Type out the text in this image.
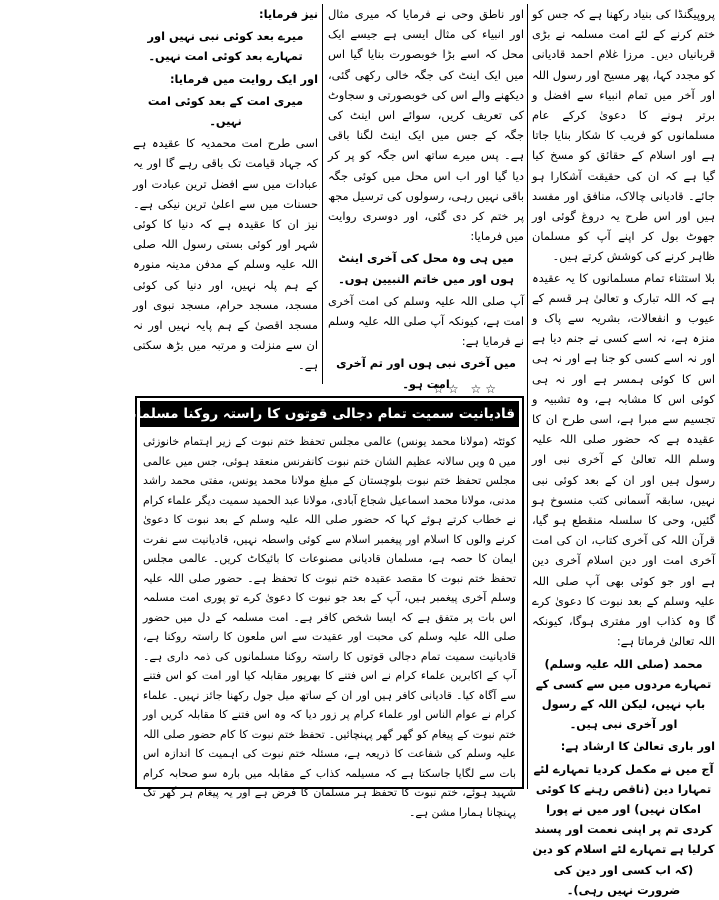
پروپیگنڈا کی بنیاد رکھنا ہے کہ جس کو ختم کرنے کے لئے امت مسلمہ نے بڑی قربانیاں دیں۔ مرزا غلام احمد قادیانی کو مجدد کہا، پھر مسیح اور رسول اللہ اور آخر میں تمام انبیاء سے افضل و برتر ہونے کا دعویٰ کرکے عام مسلمانوں کو فریب کا شکار بنایا جاتا ہے اور اسلام کے حقائق کو مسخ کیا گیا ہے کہ ان کی حقیقت آشکارا ہو جائے۔ قادیانی چالاک، منافق اور مفسد ہیں اور اس طرح یہ دروغ گوئی اور جھوٹ بول کر اپنے آپ کو مسلمان ظاہر کرنے کی کوشش کرتے ہیں۔

بلا استثناء تمام مسلمانوں کا یہ عقیدہ ہے کہ اللہ تبارک و تعالیٰ ہر قسم کے عیوب و انفعالات، بشریہ سے پاک و منزہ ہے، نہ اسے کسی نے جنم دیا ہے اور نہ اسے کسی کو جنا ہے اور نہ ہی اس کا کوئی ہمسر ہے اور نہ ہی کوئی اس کا مشابہ ہے، وہ تشبیہ و تجسیم سے مبرا ہے، اسی طرح ان کا عقیدہ ہے کہ حضور صلی اللہ علیہ وسلم اللہ تعالیٰ کے آخری نبی اور رسول ہیں اور ان کے بعد کوئی نبی نہیں، سابقہ آسمانی کتب منسوخ ہو گئیں، وحی کا سلسلہ منقطع ہو گیا، قرآن اللہ کی آخری کتاب، ان کی امت آخری امت اور دین اسلام آخری دین ہے اور جو کوئی بھی آپ صلی اللہ علیہ وسلم کے بعد نبوت کا دعویٰ کرے گا وہ کذاب اور مفتری ہوگا، کیونکہ اللہ تعالیٰ فرماتا ہے:

محمد (صلی اللہ علیہ وسلم) تمہارے مردوں میں سے کسی کے باپ نہیں، لیکن اللہ کے رسول اور آخری نبی ہیں۔

اور باری تعالیٰ کا ارشاد ہے:

آج میں نے مکمل کردیا تمہارے لئے تمہارا دین (ناقص رہنے کا کوئی امکان نہیں) اور میں نے پورا کردی تم پر اپنی نعمت اور پسند کرلیا ہے تمہارے لئے اسلام کو دین (کہ اب کسی اور دین کی ضرورت نہیں رہی)۔

اور ناطق وحی نے فرمایا کہ میری مثال اور انبیاء کی مثال ایسی ہے جیسے ایک محل کہ اسے بڑا خوبصورت بنایا گیا اس میں ایک اینٹ کی جگہ خالی رکھی گئی، دیکھنے والے اس کی خوبصورتی و سجاوٹ کی تعریف کریں، سوائے اس اینٹ کی جگہ کے جس میں ایک اینٹ لگنا باقی ہے۔ پس میرے ساتھ اس جگہ کو پر کر دیا گیا اور اب اس محل میں کوئی جگہ باقی نہیں رہی، رسولوں کی ترسیل مجھ پر ختم کر دی گئی، اور دوسری روایت میں فرمایا:

میں ہی وہ محل کی آخری اینٹ ہوں اور میں خاتم النبیین ہوں۔

آپ صلی اللہ علیہ وسلم کی امت آخری امت ہے، کیونکہ آپ صلی اللہ علیہ وسلم نے فرمایا ہے:

میں آخری نبی ہوں اور تم آخری امت ہو۔

نیز فرمایا:

میرے بعد کوئی نبی نہیں اور تمہارے بعد کوئی امت نہیں۔

اور ایک روایت میں فرمایا:

میری امت کے بعد کوئی امت نہیں۔

اسی طرح امت محمدیہ کا عقیدہ ہے کہ جہاد قیامت تک باقی رہے گا اور یہ عبادات میں سے افضل ترین عبادت اور حسنات میں سے اعلیٰ ترین نیکی ہے۔ نیز ان کا عقیدہ ہے کہ دنیا کا کوئی شہر اور کوئی بستی رسول اللہ صلی اللہ علیہ وسلم کے مدفن مدینہ منورہ کے ہم پلہ نہیں، اور دنیا کی کوئی مسجد، مسجد حرام، مسجد نبوی اور مسجد اقصیٰ کے ہم پایہ نہیں اور نہ ان سے منزلت و مرتبہ میں بڑھ سکتی ہے۔

☆☆ ☆☆
قادیانیت سمیت تمام دجالی قوتوں کا راستہ روکنا مسلمانوں کی ذمہ داری ہے
کوئٹہ (مولانا محمد یونس) عالمی مجلس تحفظ ختم نبوت کے زیر اہتمام خانوزئی میں ۵ ویں سالانہ عظیم الشان ختم نبوت کانفرنس منعقد ہوئی، جس میں عالمی مجلس تحفظ ختم نبوت بلوچستان کے مبلغ مولانا محمد یونس، مفتی محمد راشد مدنی، مولانا محمد اسماعیل شجاع آبادی، مولانا عبد الحمید سمیت دیگر علماء کرام نے خطاب کرتے ہوئے کہا کہ حضور صلی اللہ علیہ وسلم کے بعد نبوت کا دعویٰ کرنے والوں کا اسلام اور پیغمبر اسلام سے کوئی واسطہ نہیں، قادیانیت سے نفرت ایمان کا حصہ ہے، مسلمان قادیانی مصنوعات کا بائیکاٹ کریں۔ عالمی مجلس تحفظ ختم نبوت کا مقصد عقیدہ ختم نبوت کا تحفظ ہے۔ حضور صلی اللہ علیہ وسلم آخری پیغمبر ہیں، آپ کے بعد جو نبوت کا دعویٰ کرے تو پوری امت مسلمہ اس بات پر متفق ہے کہ ایسا شخص کافر ہے۔ امت مسلمہ کے دل میں حضور صلی اللہ علیہ وسلم کی محبت اور عقیدت سے اس ملعون کا راستہ روکنا ہے، قادیانیت سمیت تمام دجالی قوتوں کا راستہ روکنا مسلمانوں کی ذمہ داری ہے۔ آپ کے اکابرین علماء کرام نے اس فتنے کا بھرپور مقابلہ کیا اور امت کو اس فتنے سے آگاہ کیا۔ قادیانی کافر ہیں اور ان کے ساتھ میل جول رکھنا جائز نہیں۔ علماء کرام نے عوام الناس اور علماء کرام پر زور دیا کہ وہ اس فتنے کا مقابلہ کریں اور ختم نبوت کے پیغام کو گھر گھر پہنچائیں۔ تحفظ ختم نبوت کا کام حضور صلی اللہ علیہ وسلم کی شفاعت کا ذریعہ ہے، مسئلہ ختم نبوت کی اہمیت کا اندازہ اس بات سے لگایا جاسکتا ہے کہ مسیلمہ کذاب کے مقابلہ میں بارہ سو صحابہ کرام شہید ہوئے، ختم نبوت کا تحفظ ہر مسلمان کا فرض ہے اور یہ پیغام ہر گھر تک پہنچانا ہمارا مشن ہے۔
